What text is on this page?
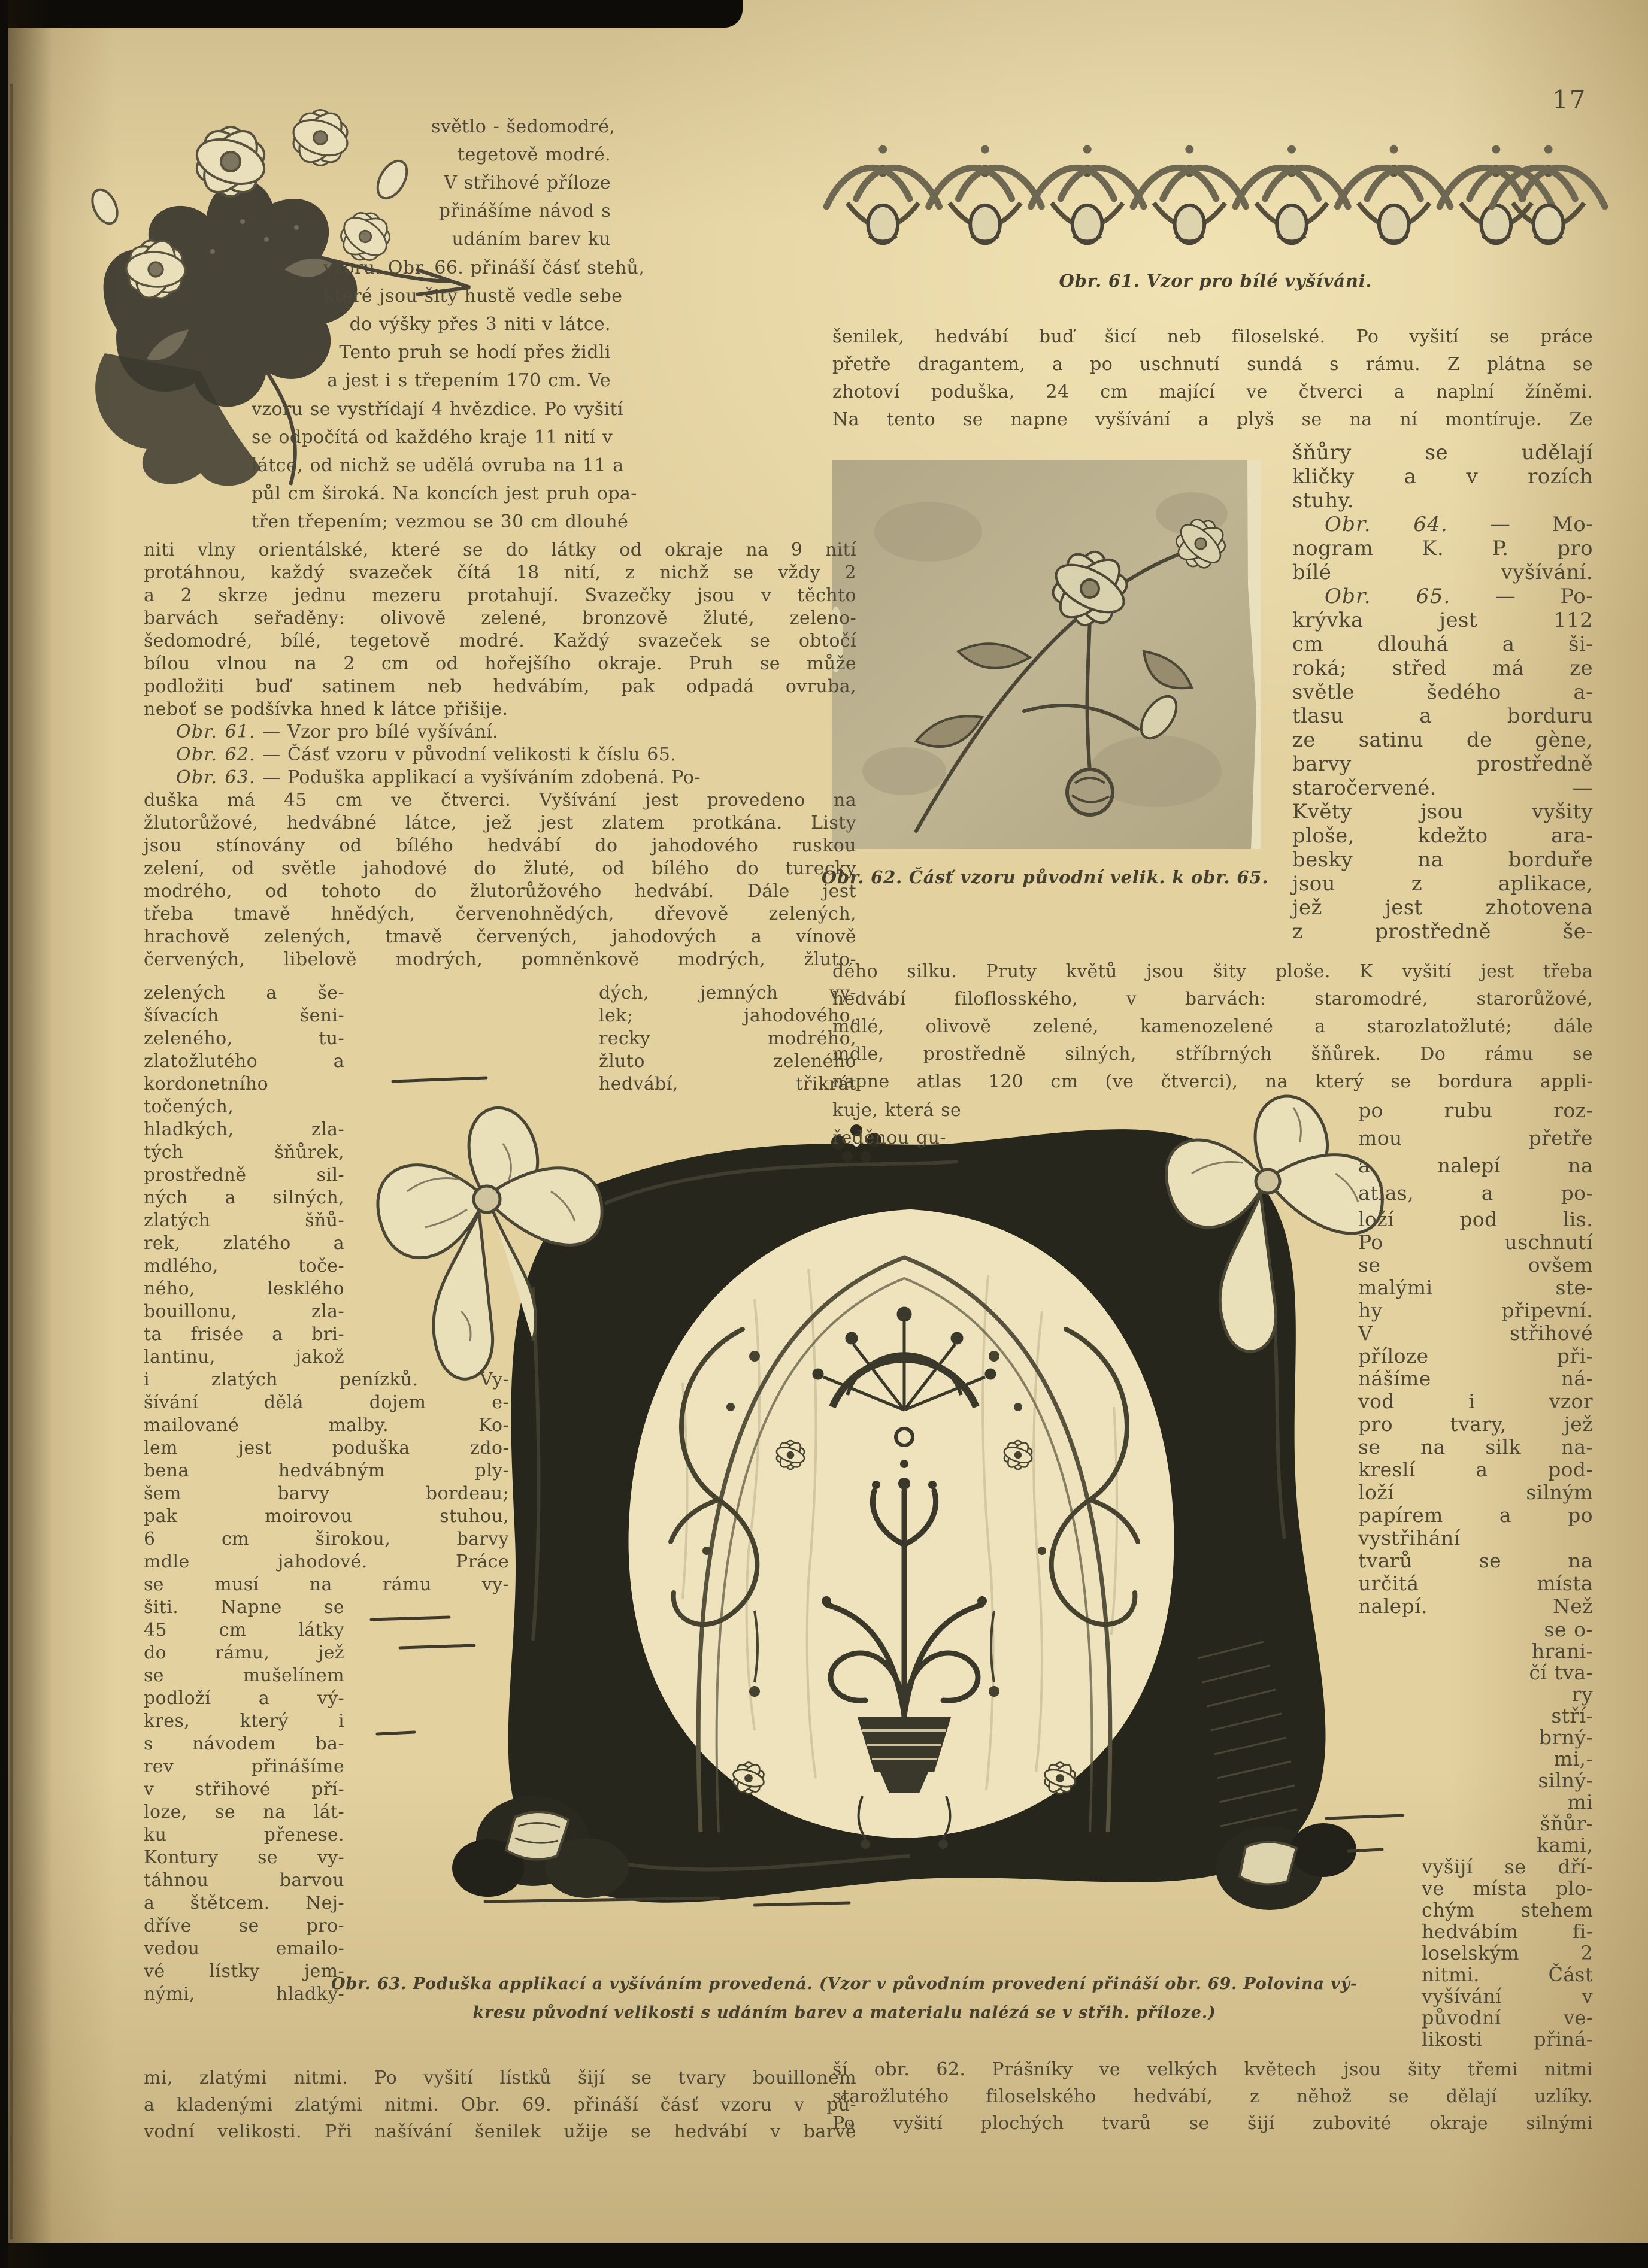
17
Obr. 61. Vzor pro bílé vyšíváni.
Obr. 62. Čásť vzoru původní velik. k obr. 65.
Obr. 63. Poduška applikací a vyšíváním provedená. (Vzor v původním provedení přináší obr. 69. Polovina vý-
kresu původní velikosti s udáním barev a materialu nalézá se v střih. příloze.)
světlo - šedomodré,
tegetově modré.
V střihové příloze
přinášíme návod s
udáním barev ku
vzoru. Obr. 66. přináší čásť stehů,
které jsou šity hustě vedle sebe
do výšky přes 3 niti v látce.
Tento pruh se hodí přes židli
a jest i s třepením 170 cm. Ve
vzoru se vystřídají 4 hvězdice. Po vyšití
se odpočítá od každého kraje 11 nití v
látce, od nichž se udělá ovruba na 11 a
půl cm široká. Na koncích jest pruh opa-
třen třepením; vezmou se 30 cm dlouhé
niti vlny orientálské, které se do látky od okraje na 9 nití
protáhnou, každý svazeček čítá 18 nití, z nichž se vždy 2
a 2 skrze jednu mezeru protahují. Svazečky jsou v těchto
barvách seřaděny: olivově zelené, bronzově žluté, zeleno-
šedomodré, bílé, tegetově modré. Každý svazeček se obtočí
bílou vlnou na 2 cm od hořejšího okraje. Pruh se může
podložiti buď satinem neb hedvábím, pak odpadá ovruba,
neboť se podšívka hned k látce přišije.
Obr. 61. — Vzor pro bílé vyšívání.
Obr. 62. — Čásť vzoru v původní velikosti k číslu 65.
Obr. 63. — Poduška applikací a vyšíváním zdobená. Po-
duška má 45 cm ve čtverci. Vyšívání jest provedeno na
žlutorůžové, hedvábné látce, jež jest zlatem protkána. Listy
jsou stínovány od bílého hedvábí do jahodového ruskou
zelení, od světle jahodové do žluté, od bílého do turecky
modrého, od tohoto do žlutorůžového hedvábí. Dále jest
třeba tmavě hnědých, červenohnědých, dřevově zelených,
hrachově zelených, tmavě červených, jahodových a vínově
červených, libelově modrých, pomněnkově modrých, žluto-
zelených a še-
šívacích šeni-
zeleného, tu-
zlatožlutého a
kordonetního
točených,
hladkých, zla-
tých šňůrek,
prostředně sil-
ných a silných,
zlatých šňů-
rek, zlatého a
mdlého, toče-
ného, lesklého
bouillonu, zla-
ta frisée a bri-
lantinu, jakož
dých, jemných vy-
lek; jahodového,
recky modrého,
žluto zeleného
hedvábí, třikrát
i zlatých penízků. Vy-
šívání dělá dojem e-
mailované malby. Ko-
lem jest poduška zdo-
bena hedvábným ply-
šem barvy bordeau;
pak moirovou stuhou,
6 cm širokou, barvy
mdle jahodové. Práce
se musí na rámu vy-
šiti. Napne se
45 cm látky
do rámu, jež
se mušelínem
podloží a vý-
kres, který i
s návodem ba-
rev přinášíme
v střihové pří-
loze, se na lát-
ku přenese.
Kontury se vy-
táhnou barvou
a štětcem. Nej-
dříve se pro-
vedou emailo-
vé lístky jem-
nými, hladký-
mi, zlatými nitmi. Po vyšití lístků šijí se tvary bouillonem
a kladenými zlatými nitmi. Obr. 69. přináší čásť vzoru v pů-
vodní velikosti. Při našívání šenilek užije se hedvábí v barvě
šenilek, hedvábí buď šicí neb filoselské. Po vyšití se práce
přetře dragantem, a po uschnutí sundá s rámu. Z plátna se
zhotoví poduška, 24 cm mající ve čtverci a naplní žíněmi.
Na tento se napne vyšívání a plyš se na ní montíruje. Ze
šňůry se udělají
kličky a v rozích
stuhy.
Obr. 64. — Mo-
nogram K. P. pro
bílé vyšívání.
Obr. 65. — Po-
krývka jest 112
cm dlouhá a ši-
roká; střed má ze
světle šedého a-
tlasu a borduru
ze satinu de gène,
barvy prostředně
staročervené. —
Květy jsou vyšity
ploše, kdežto ara-
besky na borduře
jsou z aplikace,
jež jest zhotovena
z prostředně še-
dého silku. Pruty květů jsou šity ploše. K vyšití jest třeba
hedvábí filoflosského, v barvách: staromodré, starorůžové,
mdlé, olivově zelené, kamenozelené a starozlatožluté; dále
mdle, prostředně silných, stříbrných šňůrek. Do rámu se
napne atlas 120 cm (ve čtverci), na který se bordura appli-
kuje, která se
ředěnou gu-
po rubu roz-
mou přetře
a nalepí na
atlas, a po-
loží pod lis.
Po uschnutí
se ovšem
malými ste-
hy připevní.
V střihové
příloze při-
nášíme ná-
vod i vzor
pro tvary, jež
se na silk na-
kreslí a pod-
loží silným
papírem a po
vystřihání
tvarů se na
určitá místa
nalepí. Než
se o-
hrani-
čí tva-
ry
stří-
brný-
mi,-
silný-
mi
šňůr-
kami,
vyšijí se dří-
ve místa plo-
chým stehem
hedvábím fi-
loselským 2
nitmi. Část
vyšívání v
původní ve-
likosti přiná-
ší obr. 62. Prášníky ve velkých květech jsou šity třemi nitmi
starožlutého filoselského hedvábí, z něhož se dělají uzlíky.
Po vyšití plochých tvarů se šijí zubovité okraje silnými
